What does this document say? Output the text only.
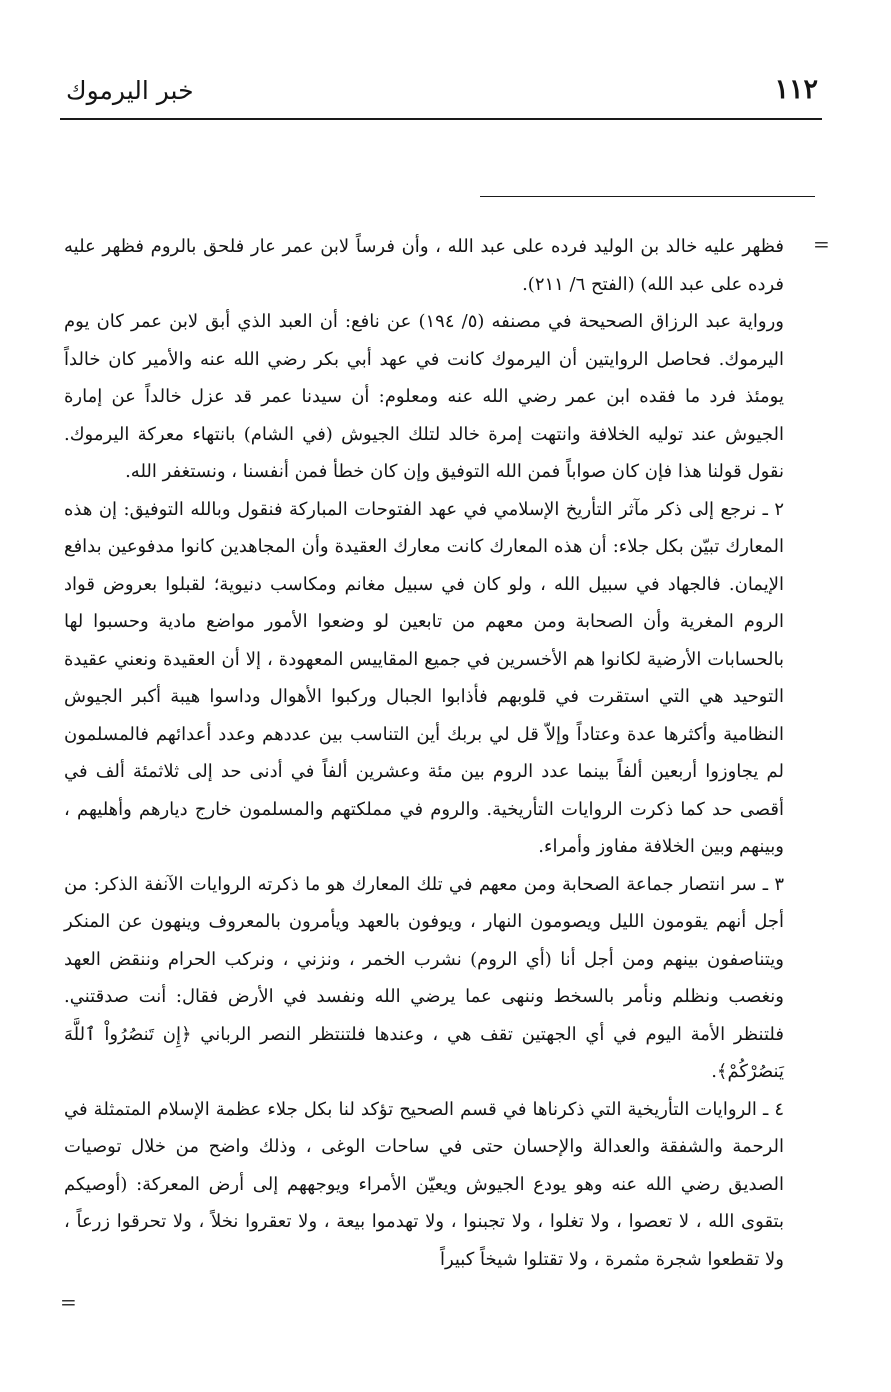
١١٢
خبر اليرموك
=

فظهر عليه خالد بن الوليد فرده على عبد الله ، وأن فرساً لابن عمر عار فلحق بالروم فظهر عليه فرده على عبد الله) (الفتح ٦/ ٢١١).

ورواية عبد الرزاق الصحيحة في مصنفه (٥/ ١٩٤) عن نافع: أن العبد الذي أبق لابن عمر كان يوم اليرموك. فحاصل الروايتين أن اليرموك كانت في عهد أبي بكر رضي الله عنه والأمير كان خالداً يومئذ فرد ما فقده ابن عمر رضي الله عنه ومعلوم: أن سيدنا عمر قد عزل خالداً عن إمارة الجيوش عند توليه الخلافة وانتهت إمرة خالد لتلك الجيوش (في الشام) بانتهاء معركة اليرموك. نقول قولنا هذا فإن كان صواباً فمن الله التوفيق وإن كان خطأ فمن أنفسنا ، ونستغفر الله.

٢ ـ نرجع إلى ذكر مآثر التأريخ الإسلامي في عهد الفتوحات المباركة فنقول وبالله التوفيق: إن هذه المعارك تبيّن بكل جلاء: أن هذه المعارك كانت معارك العقيدة وأن المجاهدين كانوا مدفوعين بدافع الإيمان. فالجهاد في سبيل الله ، ولو كان في سبيل مغانم ومكاسب دنيوية؛ لقبلوا بعروض قواد الروم المغرية وأن الصحابة ومن معهم من تابعين لو وضعوا الأمور مواضع مادية وحسبوا لها بالحسابات الأرضية لكانوا هم الأخسرين في جميع المقاييس المعهودة ، إلا أن العقيدة ونعني عقيدة التوحيد هي التي استقرت في قلوبهم فأذابوا الجبال وركبوا الأهوال وداسوا هيبة أكبر الجيوش النظامية وأكثرها عدة وعتاداً وإلاّ قل لي بربك أين التناسب بين عددهم وعدد أعدائهم فالمسلمون لم يجاوزوا أربعين ألفاً بينما عدد الروم بين مئة وعشرين ألفاً في أدنى حد إلى ثلاثمئة ألف في أقصى حد كما ذكرت الروايات التأريخية. والروم في مملكتهم والمسلمون خارج ديارهم وأهليهم ، وبينهم وبين الخلافة مفاوز وأمراء.

٣ ـ سر انتصار جماعة الصحابة ومن معهم في تلك المعارك هو ما ذكرته الروايات الآنفة الذكر: من أجل أنهم يقومون الليل ويصومون النهار ، ويوفون بالعهد ويأمرون بالمعروف وينهون عن المنكر ويتناصفون بينهم ومن أجل أنا (أي الروم) نشرب الخمر ، ونزني ، ونركب الحرام وننقض العهد ونغصب ونظلم ونأمر بالسخط وننهى عما يرضي الله ونفسد في الأرض فقال: أنت صدقتني. فلتنظر الأمة اليوم في أي الجهتين تقف هي ، وعندها فلتنتظر النصر الرباني ﴿إِن تَنصُرُواْ ٱللَّهَ يَنصُرْكُمْ﴾.

٤ ـ الروايات التأريخية التي ذكرناها في قسم الصحيح تؤكد لنا بكل جلاء عظمة الإسلام المتمثلة في الرحمة والشفقة والعدالة والإحسان حتى في ساحات الوغى ، وذلك واضح من خلال توصيات الصديق رضي الله عنه وهو يودع الجيوش ويعيّن الأمراء ويوجههم إلى أرض المعركة: (أوصيكم بتقوى الله ، لا تعصوا ، ولا تغلوا ، ولا تجبنوا ، ولا تهدموا بيعة ، ولا تعقروا نخلاً ، ولا تحرقوا زرعاً ، ولا تقطعوا شجرة مثمرة ، ولا تقتلوا شيخاً كبيراً

=
